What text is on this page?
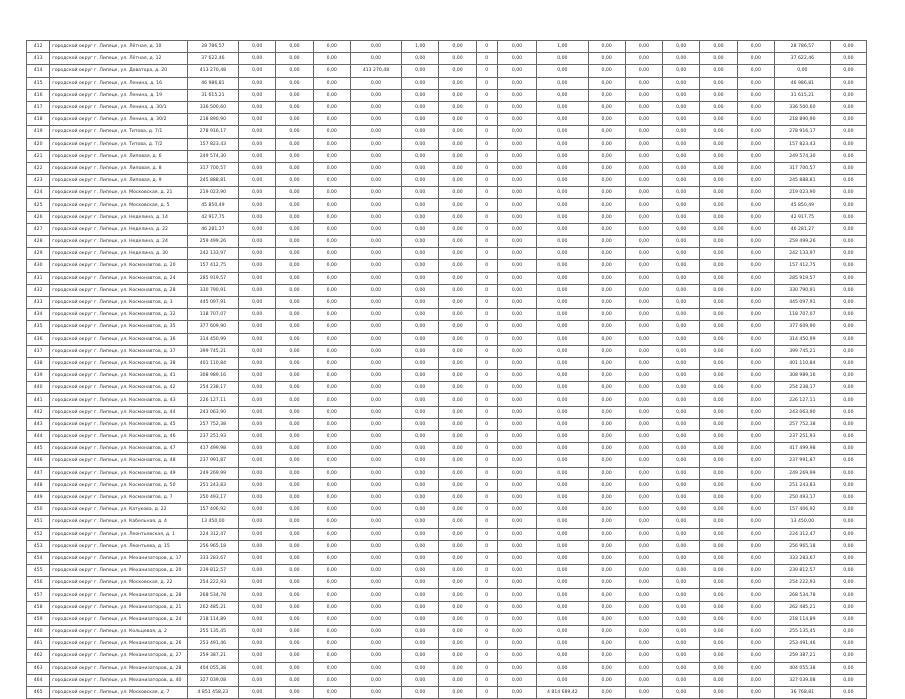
412	городской округ г. Липецк, ул. Лётная, д. 10	28 786,57	0,00	0,00	0,00	0,00	1,00	0,00	0	0,00	1,00	0,00	0,00	0,00	0,00	0,00	28 786,57	0,00
413	городской округ г. Липецк, ул. Лётная, д. 12	37 622,46	0,00	0,00	0,00	0,00	0,00	0,00	0	0,00	0,00	0,00	0,00	0,00	0,00	0,00	37 622,46	0,00
414	городской округ г. Липецк, ул. Доватора, д. 20	413 270,48	0,00	0,00	0,00	413 270,48	0,00	0,00	0	0,00	0,00	0,00	0,00	0,00	0,00	0,00	0,00	0,00
415	городской округ г. Липецк, ул. Ленина, д. 16	46 986,81	0,00	0,00	0,00	0,00	0,00	0,00	0	0,00	0,00	0,00	0,00	0,00	0,00	0,00	46 986,81	0,00
416	городской округ г. Липецк, ул. Ленина, д. 19	31 615,21	0,00	0,00	0,00	0,00	0,00	0,00	0	0,00	0,00	0,00	0,00	0,00	0,00	0,00	31 615,21	0,00
417	городской округ г. Липецк, ул. Ленина, д. 30/1	336 500,60	0,00	0,00	0,00	0,00	0,00	0,00	0	0,00	0,00	0,00	0,00	0,00	0,00	0,00	336 500,60	0,00
418	городской округ г. Липецк, ул. Ленина, д. 30/2	218 890,90	0,00	0,00	0,00	0,00	0,00	0,00	0	0,00	0,00	0,00	0,00	0,00	0,00	0,00	218 890,90	0,00
419	городской округ г. Липецк, ул. Титова, д. 7/1	278 916,17	0,00	0,00	0,00	0,00	0,00	0,00	0	0,00	0,00	0,00	0,00	0,00	0,00	0,00	278 916,17	0,00
420	городской округ г. Липецк, ул. Титова, д. 7/2	157 823,43	0,00	0,00	0,00	0,00	0,00	0,00	0	0,00	0,00	0,00	0,00	0,00	0,00	0,00	157 823,43	0,00
421	городской округ г. Липецк, ул. Липовая, д. 6	249 574,30	0,00	0,00	0,00	0,00	0,00	0,00	0	0,00	0,00	0,00	0,00	0,00	0,00	0,00	249 574,30	0,00
422	городской округ г. Липецк, ул. Липовая, д. 8	317 700,57	0,00	0,00	0,00	0,00	0,00	0,00	0	0,00	0,00	0,00	0,00	0,00	0,00	0,00	317 700,57	0,00
423	городской округ г. Липецк, ул. Липовая, д. 9	245 888,81	0,00	0,00	0,00	0,00	0,00	0,00	0	0,00	0,00	0,00	0,00	0,00	0,00	0,00	245 888,81	0,00
424	городской округ г. Липецк, ул. Московская, д. 21	219 023,90	0,00	0,00	0,00	0,00	0,00	0,00	0	0,00	0,00	0,00	0,00	0,00	0,00	0,00	219 023,90	0,00
425	городской округ г. Липецк, ул. Московская, д. 5	45 850,49	0,00	0,00	0,00	0,00	0,00	0,00	0	0,00	0,00	0,00	0,00	0,00	0,00	0,00	45 850,49	0,00
426	городской округ г. Липецк, ул. Неделина, д. 14	42 917,75	0,00	0,00	0,00	0,00	0,00	0,00	0	0,00	0,00	0,00	0,00	0,00	0,00	0,00	42 917,75	0,00
427	городской округ г. Липецк, ул. Неделина, д. 22	46 281,27	0,00	0,00	0,00	0,00	0,00	0,00	0	0,00	0,00	0,00	0,00	0,00	0,00	0,00	46 281,27	0,00
428	городской округ г. Липецк, ул. Неделина, д. 24	259 499,26	0,00	0,00	0,00	0,00	0,00	0,00	0	0,00	0,00	0,00	0,00	0,00	0,00	0,00	259 499,26	0,00
429	городской округ г. Липецк, ул. Неделина, д. 30	242 133,97	0,00	0,00	0,00	0,00	0,00	0,00	0	0,00	0,00	0,00	0,00	0,00	0,00	0,00	242 133,97	0,00
430	городской округ г. Липецк, ул. Космонавтов, д. 20	157 412,75	0,00	0,00	0,00	0,00	0,00	0,00	0	0,00	0,00	0,00	0,00	0,00	0,00	0,00	157 412,75	0,00
431	городской округ г. Липецк, ул. Космонавтов, д. 24	285 919,57	0,00	0,00	0,00	0,00	0,00	0,00	0	0,00	0,00	0,00	0,00	0,00	0,00	0,00	285 919,57	0,00
432	городской округ г. Липецк, ул. Космонавтов, д. 28	330 790,91	0,00	0,00	0,00	0,00	0,00	0,00	0	0,00	0,00	0,00	0,00	0,00	0,00	0,00	330 790,91	0,00
433	городской округ г. Липецк, ул. Космонавтов, д. 3	445 097,91	0,00	0,00	0,00	0,00	0,00	0,00	0	0,00	0,00	0,00	0,00	0,00	0,00	0,00	445 097,91	0,00
434	городской округ г. Липецк, ул. Космонавтов, д. 32	118 707,07	0,00	0,00	0,00	0,00	0,00	0,00	0	0,00	0,00	0,00	0,00	0,00	0,00	0,00	118 707,07	0,00
435	городской округ г. Липецк, ул. Космонавтов, д. 35	377 609,90	0,00	0,00	0,00	0,00	0,00	0,00	0	0,00	0,00	0,00	0,00	0,00	0,00	0,00	377 609,90	0,00
436	городской округ г. Липецк, ул. Космонавтов, д. 36	314 450,99	0,00	0,00	0,00	0,00	0,00	0,00	0	0,00	0,00	0,00	0,00	0,00	0,00	0,00	314 450,99	0,00
437	городской округ г. Липецк, ул. Космонавтов, д. 37	399 745,21	0,00	0,00	0,00	0,00	0,00	0,00	0	0,00	0,00	0,00	0,00	0,00	0,00	0,00	399 745,21	0,00
438	городской округ г. Липецк, ул. Космонавтов, д. 38	401 110,84	0,00	0,00	0,00	0,00	0,00	0,00	0	0,00	0,00	0,00	0,00	0,00	0,00	0,00	401 110,84	0,00
439	городской округ г. Липецк, ул. Космонавтов, д. 41	308 989,16	0,00	0,00	0,00	0,00	0,00	0,00	0	0,00	0,00	0,00	0,00	0,00	0,00	0,00	308 989,16	0,00
440	городской округ г. Липецк, ул. Космонавтов, д. 42	254 238,17	0,00	0,00	0,00	0,00	0,00	0,00	0	0,00	0,00	0,00	0,00	0,00	0,00	0,00	254 238,17	0,00
441	городской округ г. Липецк, ул. Космонавтов, д. 43	226 127,11	0,00	0,00	0,00	0,00	0,00	0,00	0	0,00	0,00	0,00	0,00	0,00	0,00	0,00	226 127,11	0,00
442	городской округ г. Липецк, ул. Космонавтов, д. 44	243 063,90	0,00	0,00	0,00	0,00	0,00	0,00	0	0,00	0,00	0,00	0,00	0,00	0,00	0,00	243 063,90	0,00
443	городской округ г. Липецк, ул. Космонавтов, д. 45	257 752,38	0,00	0,00	0,00	0,00	0,00	0,00	0	0,00	0,00	0,00	0,00	0,00	0,00	0,00	257 752,38	0,00
444	городской округ г. Липецк, ул. Космонавтов, д. 46	237 251,93	0,00	0,00	0,00	0,00	0,00	0,00	0	0,00	0,00	0,00	0,00	0,00	0,00	0,00	237 251,93	0,00
445	городской округ г. Липецк, ул. Космонавтов, д. 47	417 499,98	0,00	0,00	0,00	0,00	0,00	0,00	0	0,00	0,00	0,00	0,00	0,00	0,00	0,00	417 499,98	0,00
446	городской округ г. Липецк, ул. Космонавтов, д. 48	237 991,87	0,00	0,00	0,00	0,00	0,00	0,00	0	0,00	0,00	0,00	0,00	0,00	0,00	0,00	237 991,87	0,00
447	городской округ г. Липецк, ул. Космонавтов, д. 49	249 269,99	0,00	0,00	0,00	0,00	0,00	0,00	0	0,00	0,00	0,00	0,00	0,00	0,00	0,00	249 269,99	0,00
448	городской округ г. Липецк, ул. Космонавтов, д. 50	251 243,83	0,00	0,00	0,00	0,00	0,00	0,00	0	0,00	0,00	0,00	0,00	0,00	0,00	0,00	251 243,83	0,00
449	городской округ г. Липецк, ул. Космонавтов, д. 7	250 493,17	0,00	0,00	0,00	0,00	0,00	0,00	0	0,00	0,00	0,00	0,00	0,00	0,00	0,00	250 493,17	0,00
450	городской округ г. Липецк, ул. Катукова, д. 22	157 406,92	0,00	0,00	0,00	0,00	0,00	0,00	0	0,00	0,00	0,00	0,00	0,00	0,00	0,00	157 406,92	0,00
451	городской округ г. Липецк, ул. Кабельная, д. 4	13 450,00	0,00	0,00	0,00	0,00	0,00	0,00	0	0,00	0,00	0,00	0,00	0,00	0,00	0,00	13 450,00	0,00
452	городской округ г. Липецк, ул. Леонтьевская, д. 1	224 312,47	0,00	0,00	0,00	0,00	0,00	0,00	0	0,00	0,00	0,00	0,00	0,00	0,00	0,00	224 312,47	0,00
453	городской округ г. Липецк, ул. Леонтьева, д. 15	256 965,18	0,00	0,00	0,00	0,00	0,00	0,00	0	0,00	0,00	0,00	0,00	0,00	0,00	0,00	256 965,18	0,00
454	городской округ г. Липецк, ул. Механизаторов, д. 17	333 283,67	0,00	0,00	0,00	0,00	0,00	0,00	0	0,00	0,00	0,00	0,00	0,00	0,00	0,00	333 283,67	0,00
455	городской округ г. Липецк, ул. Механизаторов, д. 20	239 812,57	0,00	0,00	0,00	0,00	0,00	0,00	0	0,00	0,00	0,00	0,00	0,00	0,00	0,00	239 812,57	0,00
456	городской округ г. Липецк, ул. Московская, д. 22	254 222,93	0,00	0,00	0,00	0,00	0,00	0,00	0	0,00	0,00	0,00	0,00	0,00	0,00	0,00	254 222,93	0,00
457	городской округ г. Липецк, ул. Механизаторов, д. 28	268 534,78	0,00	0,00	0,00	0,00	0,00	0,00	0	0,00	0,00	0,00	0,00	0,00	0,00	0,00	268 534,78	0,00
458	городской округ г. Липецк, ул. Механизаторов, д. 21	262 485,21	0,00	0,00	0,00	0,00	0,00	0,00	0	0,00	0,00	0,00	0,00	0,00	0,00	0,00	262 485,21	0,00
459	городской округ г. Липецк, ул. Механизаторов, д. 24	218 114,89	0,00	0,00	0,00	0,00	0,00	0,00	0	0,00	0,00	0,00	0,00	0,00	0,00	0,00	218 114,89	0,00
460	городской округ г. Липецк, ул. Кольцевая, д. 2	255 135,45	0,00	0,00	0,00	0,00	0,00	0,00	0	0,00	0,00	0,00	0,00	0,00	0,00	0,00	255 135,45	0,00
461	городской округ г. Липецк, ул. Механизаторов, д. 26	253 491,46	0,00	0,00	0,00	0,00	0,00	0,00	0	0,00	0,00	0,00	0,00	0,00	0,00	0,00	253 491,46	0,00
462	городской округ г. Липецк, ул. Механизаторов, д. 27	259 387,21	0,00	0,00	0,00	0,00	0,00	0,00	0	0,00	0,00	0,00	0,00	0,00	0,00	0,00	259 387,21	0,00
463	городской округ г. Липецк, ул. Механизаторов, д. 28	404 055,38	0,00	0,00	0,00	0,00	0,00	0,00	0	0,00	0,00	0,00	0,00	0,00	0,00	0,00	404 055,38	0,00
464	городской округ г. Липецк, ул. Механизаторов, д. 40	327 039,08	0,00	0,00	0,00	0,00	0,00	0,00	0	0,00	0,00	0,00	0,00	0,00	0,00	0,00	327 039,08	0,00
465	городской округ г. Липецк, ул. Московская, д. 7	4 851 458,23	0,00	0,00	0,00	0,00	0,00	0,00	0	0,00	4 814 689,42	0,00	0,00	0,00	0,00	0,00	36 768,81	0,00
